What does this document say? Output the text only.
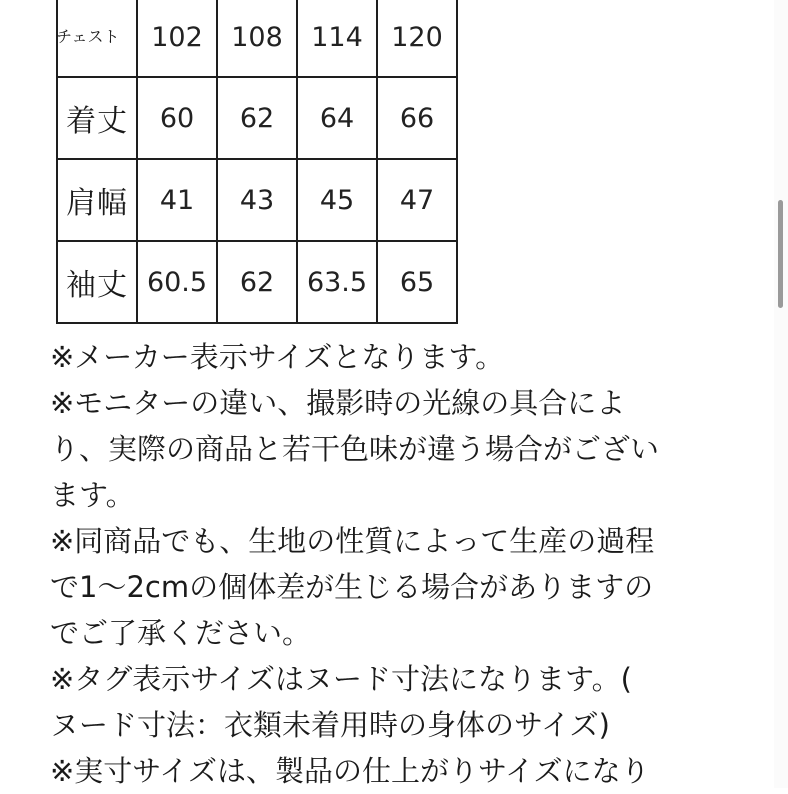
チェスト	102	108	114	120
着丈	60	62	64	66
肩幅	41	43	45	47
袖丈	60.5	62	63.5	65
※メーカー表示サイズとなります。
※モニターの違い、撮影時の光線の具合によ
り、実際の商品と若干色味が違う場合がござい
ます。
※同商品でも、生地の性質によって生産の過程
で1〜2cmの個体差が生じる場合がありますの
でご了承ください。
※タグ表示サイズはヌード寸法になります。(
ヌード寸法：衣類未着用時の身体のサイズ)
※実寸サイズは、製品の仕上がりサイズになり
